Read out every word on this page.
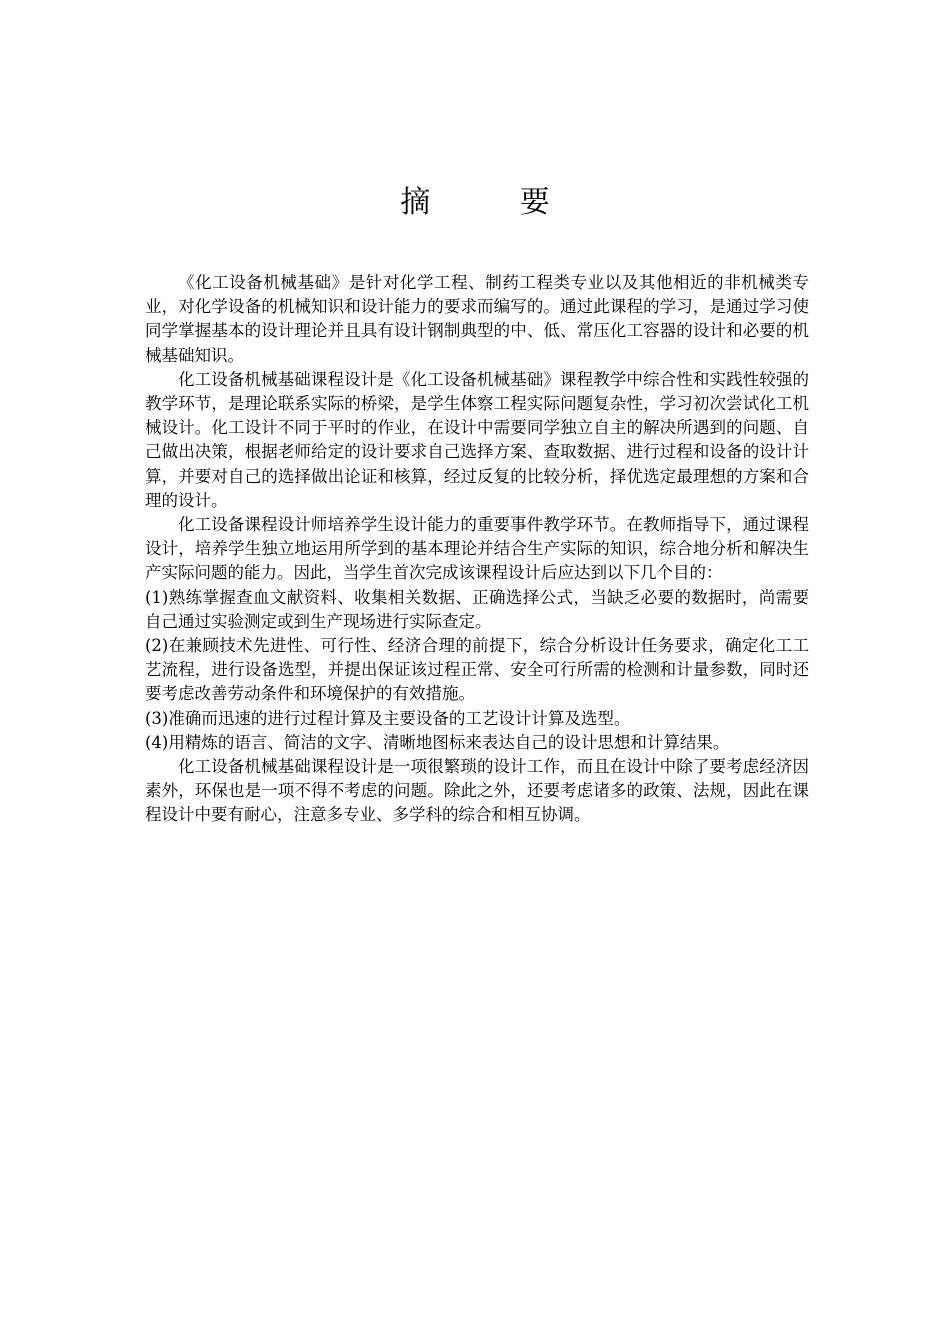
摘 要

《化工设备机械基础》是针对化学工程、制药工程类专业以及其他相近的非机械类专业，对化学设备的机械知识和设计能力的要求而编写的。通过此课程的学习，是通过学习使同学掌握基本的设计理论并且具有设计钢制典型的中、低、常压化工容器的设计和必要的机械基础知识。

化工设备机械基础课程设计是《化工设备机械基础》课程教学中综合性和实践性较强的教学环节，是理论联系实际的桥梁，是学生体察工程实际问题复杂性，学习初次尝试化工机械设计。化工设计不同于平时的作业，在设计中需要同学独立自主的解决所遇到的问题、自己做出决策，根据老师给定的设计要求自己选择方案、查取数据、进行过程和设备的设计计算，并要对自己的选择做出论证和核算，经过反复的比较分析，择优选定最理想的方案和合理的设计。

化工设备课程设计师培养学生设计能力的重要事件教学环节。在教师指导下，通过课程设计，培养学生独立地运用所学到的基本理论并结合生产实际的知识，综合地分析和解决生产实际问题的能力。因此，当学生首次完成该课程设计后应达到以下几个目的：

(1)熟练掌握查血文献资料、收集相关数据、正确选择公式，当缺乏必要的数据时，尚需要自己通过实验测定或到生产现场进行实际查定。

(2)在兼顾技术先进性、可行性、经济合理的前提下，综合分析设计任务要求，确定化工工艺流程，进行设备选型，并提出保证该过程正常、安全可行所需的检测和计量参数，同时还要考虑改善劳动条件和环境保护的有效措施。

(3)准确而迅速的进行过程计算及主要设备的工艺设计计算及选型。

(4)用精炼的语言、简洁的文字、清晰地图标来表达自己的设计思想和计算结果。

化工设备机械基础课程设计是一项很繁琐的设计工作，而且在设计中除了要考虑经济因素外，环保也是一项不得不考虑的问题。除此之外，还要考虑诸多的政策、法规，因此在课程设计中要有耐心，注意多专业、多学科的综合和相互协调。
